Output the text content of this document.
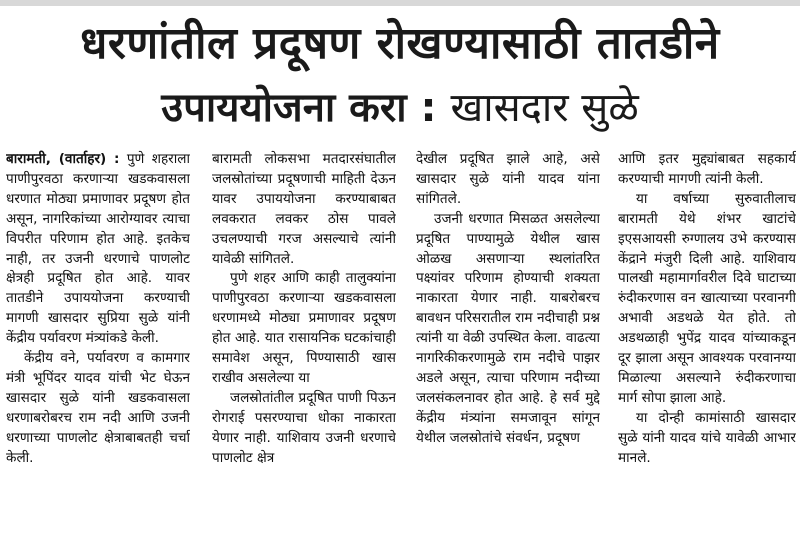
धरणांतील प्रदूषण रोखण्यासाठी तातडीने
उपाययोजना करा : खासदार सुळे

बारामती, (वार्ताहर) : पुणे शहराला पाणीपुरवठा करणाऱ्या खडकवासला धरणात मोठ्या प्रमाणावर प्रदूषण होत असून, नागरिकांच्या आरोग्यावर त्याचा विपरीत परिणाम होत आहे. इतकेच नाही, तर उजनी धरणाचे पाणलोट क्षेत्रही प्रदूषित होत आहे. यावर तातडीने उपाययोजना करण्याची मागणी खासदार सुप्रिया सुळे यांनी केंद्रीय पर्यावरण मंत्र्यांकडे केली.

केंद्रीय वने, पर्यावरण व कामगार मंत्री भूपिंदर यादव यांची भेट घेऊन खासदार सुळे यांनी खडकवासला धरणाबरोबरच राम नदी आणि उजनी धरणाच्या पाणलोट क्षेत्राबाबतही चर्चा केली.

बारामती लोकसभा मतदारसंघातील जलस्रोतांच्या प्रदूषणाची माहिती देऊन यावर उपाययोजना करण्याबाबत लवकरात लवकर ठोस पावले उचलण्याची गरज असल्याचे त्यांनी यावेळी सांगितले.

पुणे शहर आणि काही तालुक्यांना पाणीपुरवठा करणाऱ्या खडकवासला धरणामध्ये मोठ्या प्रमाणावर प्रदूषण होत आहे. यात रासायनिक घटकांचाही समावेश असून, पिण्यासाठी खास राखीव असलेल्या या

जलस्रोतांतील प्रदूषित पाणी पिऊन रोगराई पसरण्याचा धोका नाकारता येणार नाही. याशिवाय उजनी धरणाचे पाणलोट क्षेत्र

देखील प्रदूषित झाले आहे, असे खासदार सुळे यांनी यादव यांना सांगितले.

उजनी धरणात मिसळत असलेल्या प्रदूषित पाण्यामुळे येथील खास ओळख असणाऱ्या स्थलांतरित पक्ष्यांवर परिणाम होण्याची शक्यता नाकारता येणार नाही. याबरोबरच बावधन परिसरातील राम नदीचाही प्रश्न त्यांनी या वेळी उपस्थित केला. वाढत्या नागरिकीकरणामुळे राम नदीचे पाझर अडले असून, त्याचा परिणाम नदीच्या जलसंकलनावर होत आहे. हे सर्व मुद्दे केंद्रीय मंत्र्यांना समजावून सांगून येथील जलस्रोतांचे संवर्धन, प्रदूषण

आणि इतर मुद्द्यांबाबत सहकार्य करण्याची मागणी त्यांनी केली.

या वर्षाच्या सुरुवातीलाच बारामती येथे शंभर खाटांचे इएसआयसी रुग्णालय उभे करण्यास केंद्राने मंजुरी दिली आहे. याशिवाय पालखी महामार्गावरील दिवे घाटाच्या रुंदीकरणास वन खात्याच्या परवानगी अभावी अडथळे येत होते. तो अडथळाही भुपेंद्र यादव यांच्याकडून दूर झाला असून आवश्यक परवानग्या मिळाल्या असल्याने रुंदीकरणाचा मार्ग सोपा झाला आहे.

या दोन्ही कामांसाठी खासदार सुळे यांनी यादव यांचे यावेळी आभार मानले.
